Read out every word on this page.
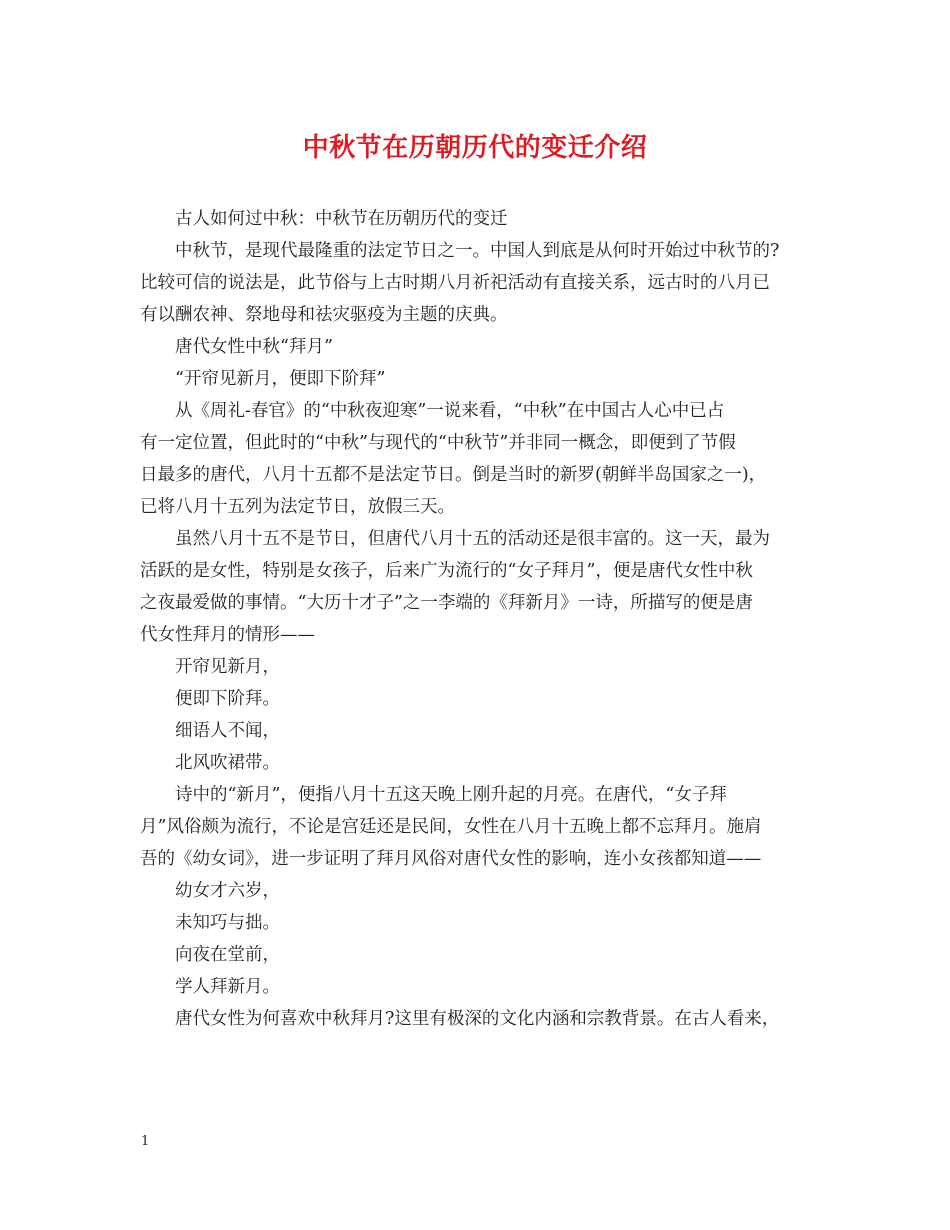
中秋节在历朝历代的变迁介绍

古人如何过中秋：中秋节在历朝历代的变迁

中秋节，是现代最隆重的法定节日之一。中国人到底是从何时开始过中秋节的?

比较可信的说法是，此节俗与上古时期八月祈祀活动有直接关系，远古时的八月已

有以酬农神、祭地母和祛灾驱疫为主题的庆典。

唐代女性中秋“拜月”

“开帘见新月，便即下阶拜”

从《周礼-春官》的“中秋夜迎寒”一说来看，“中秋”在中国古人心中已占

有一定位置，但此时的“中秋”与现代的“中秋节”并非同一概念，即便到了节假

日最多的唐代，八月十五都不是法定节日。倒是当时的新罗(朝鲜半岛国家之一)，

已将八月十五列为法定节日，放假三天。

虽然八月十五不是节日，但唐代八月十五的活动还是很丰富的。这一天，最为

活跃的是女性，特别是女孩子，后来广为流行的“女子拜月”，便是唐代女性中秋

之夜最爱做的事情。“大历十才子”之一李端的《拜新月》一诗，所描写的便是唐

代女性拜月的情形——

开帘见新月，

便即下阶拜。

细语人不闻，

北风吹裙带。

诗中的“新月”，便指八月十五这天晚上刚升起的月亮。在唐代，“女子拜

月”风俗颇为流行，不论是宫廷还是民间，女性在八月十五晚上都不忘拜月。施肩

吾的《幼女词》，进一步证明了拜月风俗对唐代女性的影响，连小女孩都知道——

幼女才六岁，

未知巧与拙。

向夜在堂前，

学人拜新月。

唐代女性为何喜欢中秋拜月?这里有极深的文化内涵和宗教背景。在古人看来，

1
